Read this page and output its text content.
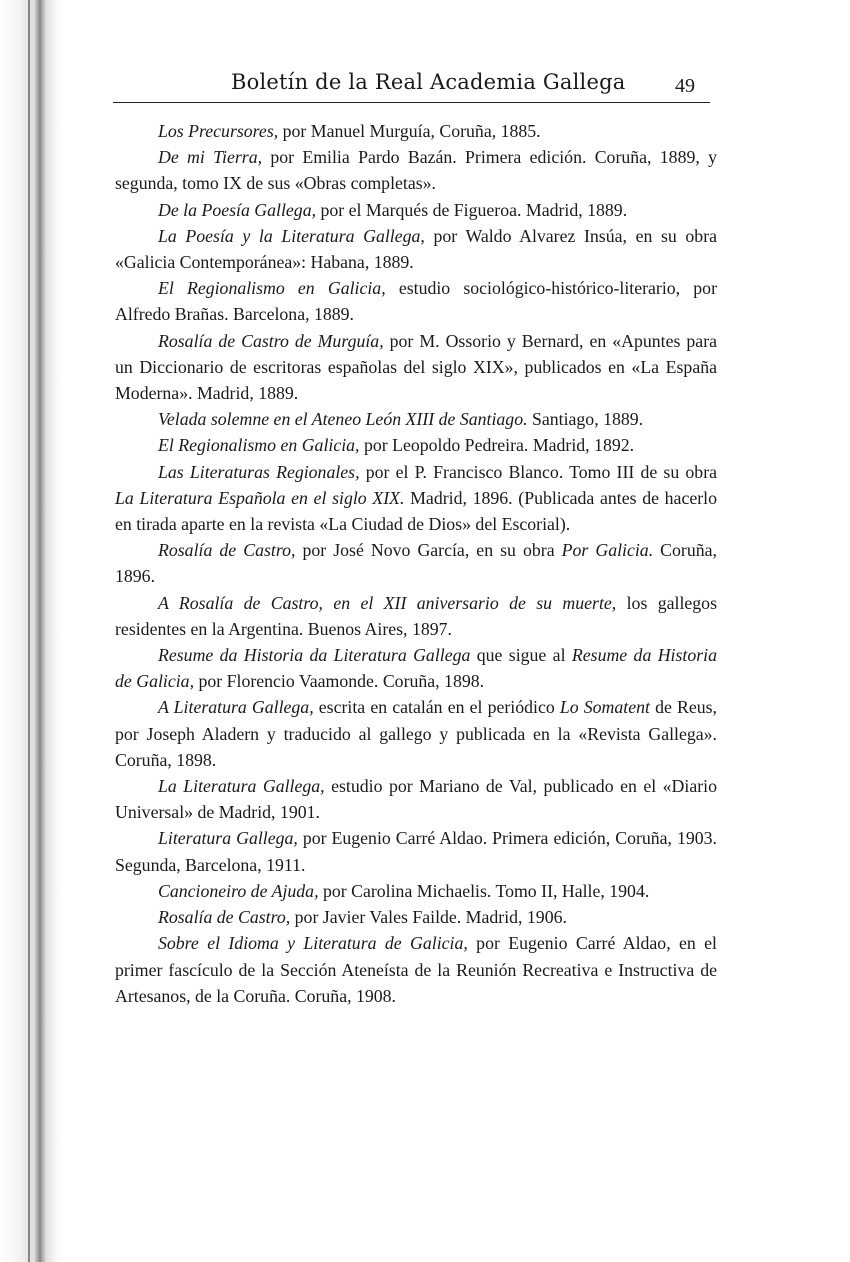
Boletín de la Real Academia Gallega 49

Los Precursores, por Manuel Murguía, Coruña, 1885.

De mi Tierra, por Emilia Pardo Bazán. Primera edición. Coruña, 1889, y segunda, tomo IX de sus «Obras completas».

De la Poesía Gallega, por el Marqués de Figueroa. Madrid, 1889.

La Poesía y la Literatura Gallega, por Waldo Alvarez Insúa, en su obra «Galicia Contemporánea»: Habana, 1889.

El Regionalismo en Galicia, estudio sociológico-histórico-literario, por Alfredo Brañas. Barcelona, 1889.

Rosalía de Castro de Murguía, por M. Ossorio y Bernard, en «Apuntes para un Diccionario de escritoras españolas del siglo XIX», publicados en «La España Moderna». Madrid, 1889.

Velada solemne en el Ateneo León XIII de Santiago. Santiago, 1889.

El Regionalismo en Galicia, por Leopoldo Pedreira. Madrid, 1892.

Las Literaturas Regionales, por el P. Francisco Blanco. Tomo III de su obra La Literatura Española en el siglo XIX. Madrid, 1896. (Publicada antes de hacerlo en tirada aparte en la revista «La Ciudad de Dios» del Escorial).

Rosalía de Castro, por José Novo García, en su obra Por Galicia. Coruña, 1896.

A Rosalía de Castro, en el XII aniversario de su muerte, los gallegos residentes en la Argentina. Buenos Aires, 1897.

Resume da Historia da Literatura Gallega que sigue al Resume da Historia de Galicia, por Florencio Vaamonde. Coruña, 1898.

A Literatura Gallega, escrita en catalán en el periódico Lo Somatent de Reus, por Joseph Aladern y traducido al gallego y publicada en la «Revista Gallega». Coruña, 1898.

La Literatura Gallega, estudio por Mariano de Val, publicado en el «Diario Universal» de Madrid, 1901.

Literatura Gallega, por Eugenio Carré Aldao. Primera edición, Coruña, 1903. Segunda, Barcelona, 1911.

Cancioneiro de Ajuda, por Carolina Michaelis. Tomo II, Halle, 1904.

Rosalía de Castro, por Javier Vales Failde. Madrid, 1906.

Sobre el Idioma y Literatura de Galicia, por Eugenio Carré Aldao, en el primer fascículo de la Sección Ateneísta de la Reunión Recreativa e Instructiva de Artesanos, de la Coruña. Coruña, 1908.
